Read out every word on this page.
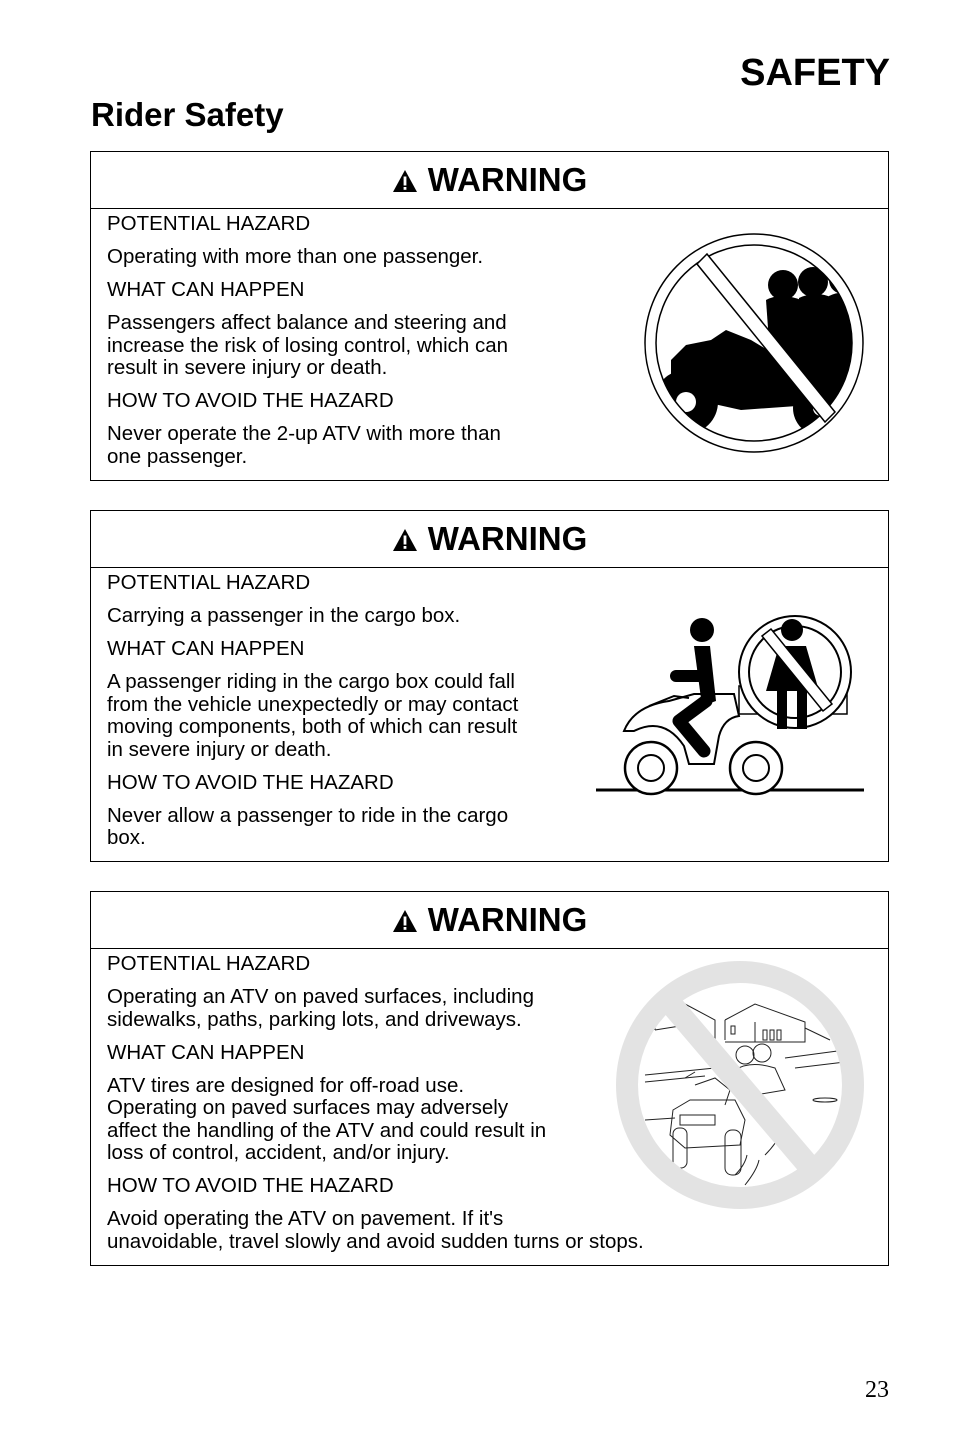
SAFETY
Rider Safety
WARNING

POTENTIAL HAZARD

Operating with more than one passenger.

WHAT CAN HAPPEN

Passengers affect balance and steering and
increase the risk of losing control, which can
result in severe injury or death.

HOW TO AVOID THE HAZARD

Never operate the 2-up ATV with more than
one passenger.

WARNING

POTENTIAL HAZARD

Carrying a passenger in the cargo box.

WHAT CAN HAPPEN

A passenger riding in the cargo box could fall
from the vehicle unexpectedly or may contact
moving components, both of which can result
in severe injury or death.

HOW TO AVOID THE HAZARD

Never allow a passenger to ride in the cargo
box.

WARNING

POTENTIAL HAZARD

Operating an ATV on paved surfaces, including
sidewalks, paths, parking lots, and driveways.

WHAT CAN HAPPEN

ATV tires are designed for off-road use.
Operating on paved surfaces may adversely
affect the handling of the ATV and could result in
loss of control, accident, and/or injury.

HOW TO AVOID THE HAZARD

Avoid operating the ATV on pavement. If it's
unavoidable, travel slowly and avoid sudden turns or stops.

23
